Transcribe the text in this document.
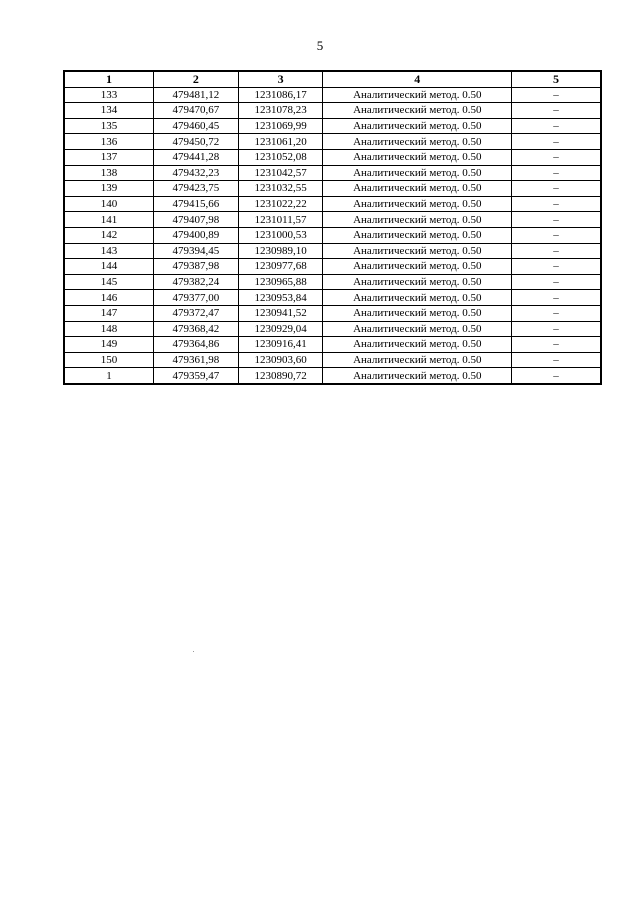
5
1	2	3	4	5
133	479481,12	1231086,17	Аналитический метод. 0.50	–
134	479470,67	1231078,23	Аналитический метод. 0.50	–
135	479460,45	1231069,99	Аналитический метод. 0.50	–
136	479450,72	1231061,20	Аналитический метод. 0.50	–
137	479441,28	1231052,08	Аналитический метод. 0.50	–
138	479432,23	1231042,57	Аналитический метод. 0.50	–
139	479423,75	1231032,55	Аналитический метод. 0.50	–
140	479415,66	1231022,22	Аналитический метод. 0.50	–
141	479407,98	1231011,57	Аналитический метод. 0.50	–
142	479400,89	1231000,53	Аналитический метод. 0.50	–
143	479394,45	1230989,10	Аналитический метод. 0.50	–
144	479387,98	1230977,68	Аналитический метод. 0.50	–
145	479382,24	1230965,88	Аналитический метод. 0.50	–
146	479377,00	1230953,84	Аналитический метод. 0.50	–
147	479372,47	1230941,52	Аналитический метод. 0.50	–
148	479368,42	1230929,04	Аналитический метод. 0.50	–
149	479364,86	1230916,41	Аналитический метод. 0.50	–
150	479361,98	1230903,60	Аналитический метод. 0.50	–
1	479359,47	1230890,72	Аналитический метод. 0.50	–
